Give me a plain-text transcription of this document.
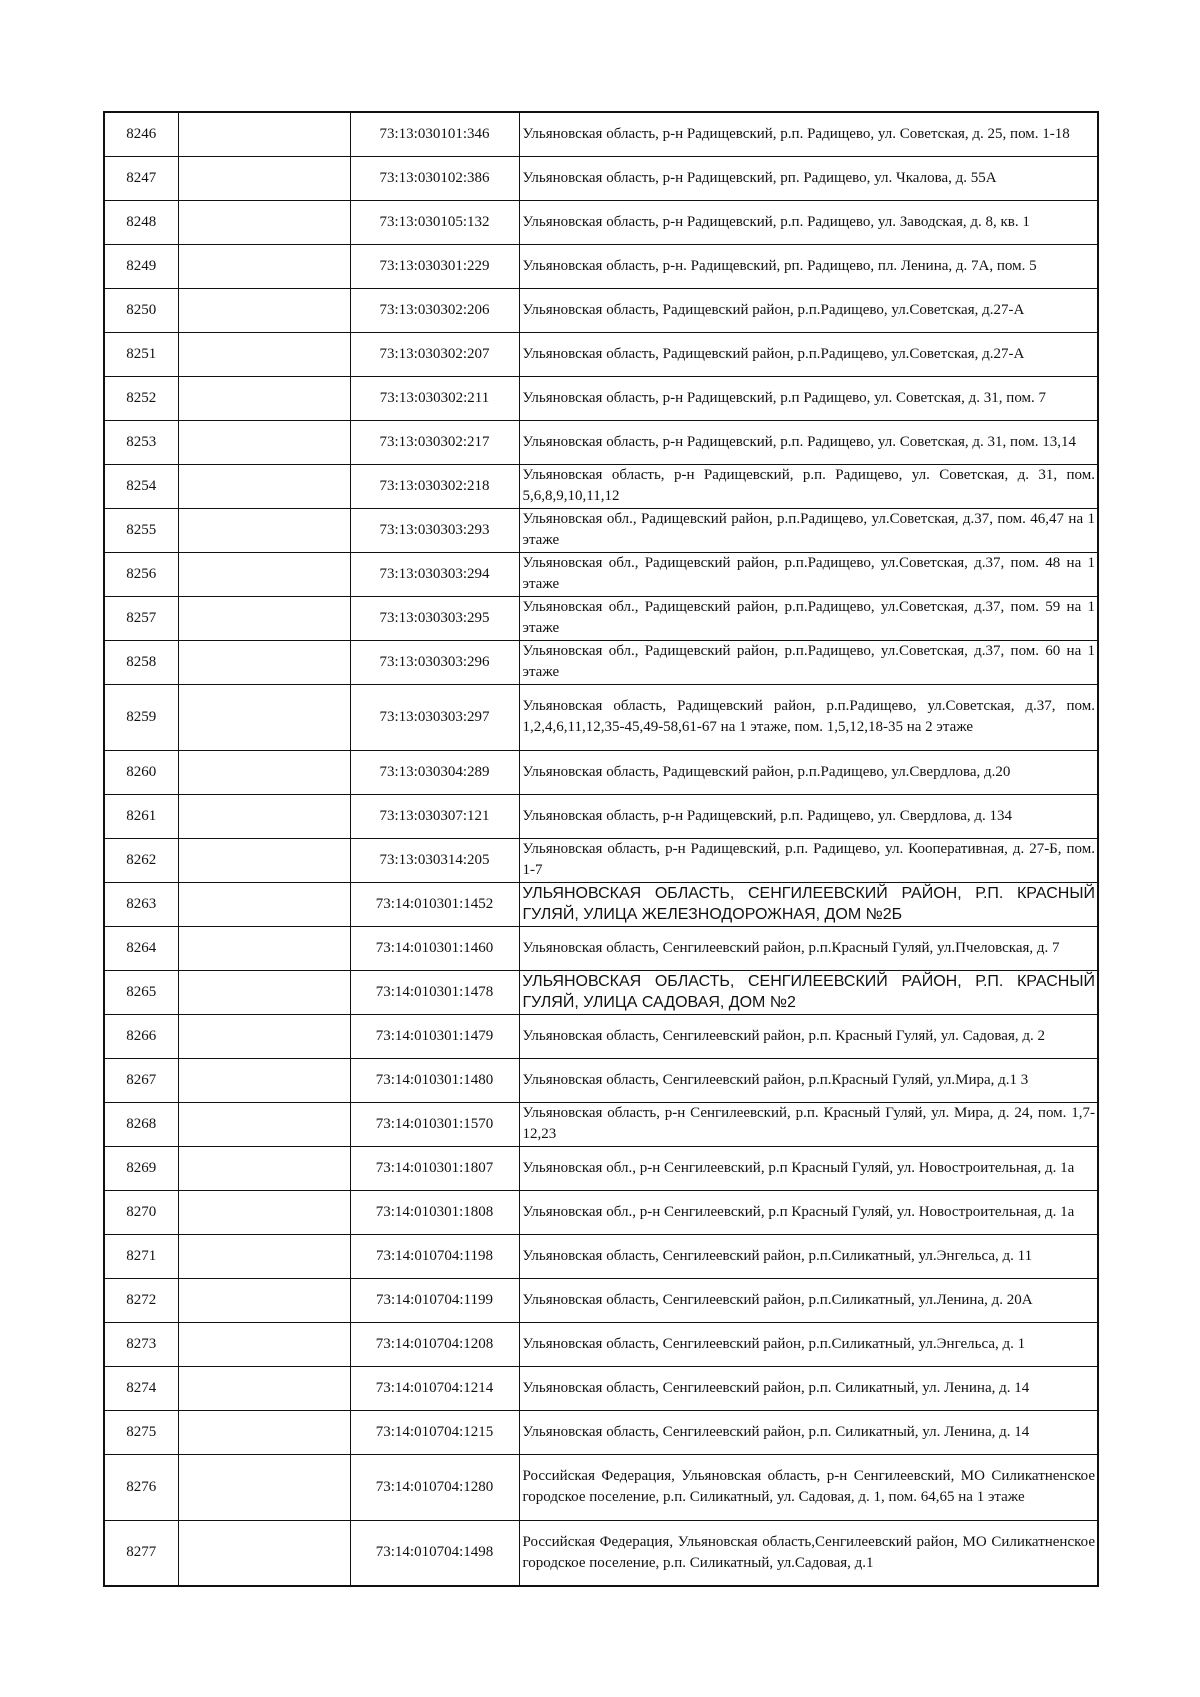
8246		73:13:030101:346	Ульяновская область, р-н Радищевский, р.п. Радищево, ул. Советская, д. 25, пом. 1-18
8247		73:13:030102:386	Ульяновская область, р-н Радищевский, рп. Радищево, ул. Чкалова, д. 55А
8248		73:13:030105:132	Ульяновская область, р-н Радищевский, р.п. Радищево, ул. Заводская, д. 8, кв. 1
8249		73:13:030301:229	Ульяновская область, р-н. Радищевский, рп. Радищево, пл. Ленина, д. 7А, пом. 5
8250		73:13:030302:206	Ульяновская область, Радищевский район, р.п.Радищево, ул.Советская, д.27-А
8251		73:13:030302:207	Ульяновская область, Радищевский район, р.п.Радищево, ул.Советская, д.27-А
8252		73:13:030302:211	Ульяновская область, р-н Радищевский, р.п Радищево, ул. Советская, д. 31, пом. 7
8253		73:13:030302:217	Ульяновская область, р-н Радищевский, р.п. Радищево, ул. Советская, д. 31, пом. 13,14
8254		73:13:030302:218	Ульяновская область, р-н Радищевский, р.п. Радищево, ул. Советская, д. 31, пом. 5,6,8,9,10,11,12
8255		73:13:030303:293	Ульяновская обл., Радищевский район, р.п.Радищево, ул.Советская, д.37, пом. 46,47 на 1 этаже
8256		73:13:030303:294	Ульяновская обл., Радищевский район, р.п.Радищево, ул.Советская, д.37, пом. 48 на 1 этаже
8257		73:13:030303:295	Ульяновская обл., Радищевский район, р.п.Радищево, ул.Советская, д.37, пом. 59 на 1 этаже
8258		73:13:030303:296	Ульяновская обл., Радищевский район, р.п.Радищево, ул.Советская, д.37, пом. 60 на 1 этаже
8259		73:13:030303:297	Ульяновская область, Радищевский район, р.п.Радищево, ул.Советская, д.37, пом. 1,2,4,6,11,12,35-45,49-58,61-67 на 1 этаже, пом. 1,5,12,18-35 на 2 этаже
8260		73:13:030304:289	Ульяновская область, Радищевский район, р.п.Радищево, ул.Свердлова, д.20
8261		73:13:030307:121	Ульяновская область, р-н Радищевский, р.п. Радищево, ул. Свердлова, д. 134
8262		73:13:030314:205	Ульяновская область, р-н Радищевский, р.п. Радищево, ул. Кооперативная, д. 27-Б, пом. 1-7
8263		73:14:010301:1452	УЛЬЯНОВСКАЯ ОБЛАСТЬ, СЕНГИЛЕЕВСКИЙ РАЙОН, Р.П. КРАСНЫЙ ГУЛЯЙ, УЛИЦА ЖЕЛЕЗНОДОРОЖНАЯ, ДОМ №2Б
8264		73:14:010301:1460	Ульяновская область, Сенгилеевский район, р.п.Красный Гуляй, ул.Пчеловская, д. 7
8265		73:14:010301:1478	УЛЬЯНОВСКАЯ ОБЛАСТЬ, СЕНГИЛЕЕВСКИЙ РАЙОН, Р.П. КРАСНЫЙ ГУЛЯЙ, УЛИЦА САДОВАЯ, ДОМ №2
8266		73:14:010301:1479	Ульяновская область, Сенгилеевский район, р.п. Красный Гуляй, ул. Садовая, д. 2
8267		73:14:010301:1480	Ульяновская область, Сенгилеевский район, р.п.Красный Гуляй, ул.Мира, д.1 3
8268		73:14:010301:1570	Ульяновская область, р-н Сенгилеевский, р.п. Красный Гуляй, ул. Мира, д. 24, пом. 1,7-12,23
8269		73:14:010301:1807	Ульяновская обл., р-н Сенгилеевский, р.п Красный Гуляй, ул. Новостроительная, д. 1а
8270		73:14:010301:1808	Ульяновская обл., р-н Сенгилеевский, р.п Красный Гуляй, ул. Новостроительная, д. 1а
8271		73:14:010704:1198	Ульяновская область, Сенгилеевский район, р.п.Силикатный, ул.Энгельса, д. 11
8272		73:14:010704:1199	Ульяновская область, Сенгилеевский район, р.п.Силикатный, ул.Ленина, д. 20А
8273		73:14:010704:1208	Ульяновская область, Сенгилеевский район, р.п.Силикатный, ул.Энгельса, д. 1
8274		73:14:010704:1214	Ульяновская область, Сенгилеевский район, р.п. Силикатный, ул. Ленина, д. 14
8275		73:14:010704:1215	Ульяновская область, Сенгилеевский район, р.п. Силикатный, ул. Ленина, д. 14
8276		73:14:010704:1280	Российская Федерация, Ульяновская область, р-н Сенгилеевский, МО Силикатненское городское поселение, р.п. Силикатный, ул. Садовая, д. 1, пом. 64,65 на 1 этаже
8277		73:14:010704:1498	Российская Федерация, Ульяновская область,Сенгилеевский район, МО Силикатненское городское поселение, р.п. Силикатный, ул.Садовая, д.1
